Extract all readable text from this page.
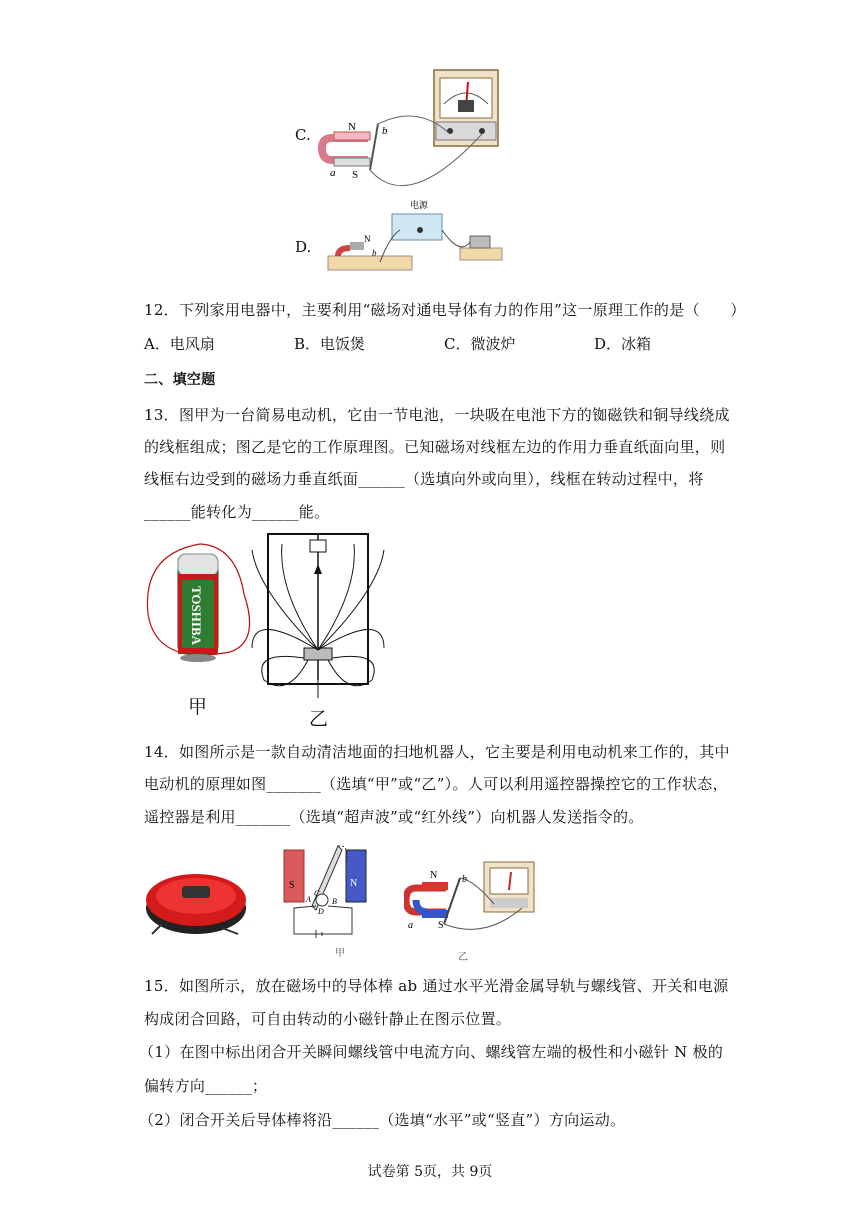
C.	N b
a S
D.
电源
N
b
12．下列家用电器中，主要利用“磁场对通电导体有力的作用”这一原理工作的是（　　）
A．电风扇	B．电饭煲	C．微波炉	D．冰箱
二、填空题
13．图甲为一台简易电动机，它由一节电池，一块吸在电池下方的铷磁铁和铜导线绕成
的线框组成；图乙是它的工作原理图。已知磁场对线框左边的作用力垂直纸面向里，则
线框右边受到的磁场力垂直纸面______（选填向外或向里），线框在转动过程中，将
______能转化为______能。
TOSHIBA
甲
乙
14．如图所示是一款自动清洁地面的扫地机器人，它主要是利用电动机来工作的，其中
电动机的原理如图_______（选填“甲”或“乙”）。人可以利用遥控器操控它的工作状态，
遥控器是利用_______（选填“超声波”或“红外线”）向机器人发送指令的。
S	N
A	B
C
D
甲
N b
a	S
乙
15．如图所示，放在磁场中的导体棒 ab 通过水平光滑金属导轨与螺线管、开关和电源
构成闭合回路，可自由转动的小磁针静止在图示位置。
（1）在图中标出闭合开关瞬间螺线管中电流方向、螺线管左端的极性和小磁针 N 极的
偏转方向______；
（2）闭合开关后导体棒将沿______（选填“水平”或“竖直”）方向运动。
试卷第 5页，共 9页
